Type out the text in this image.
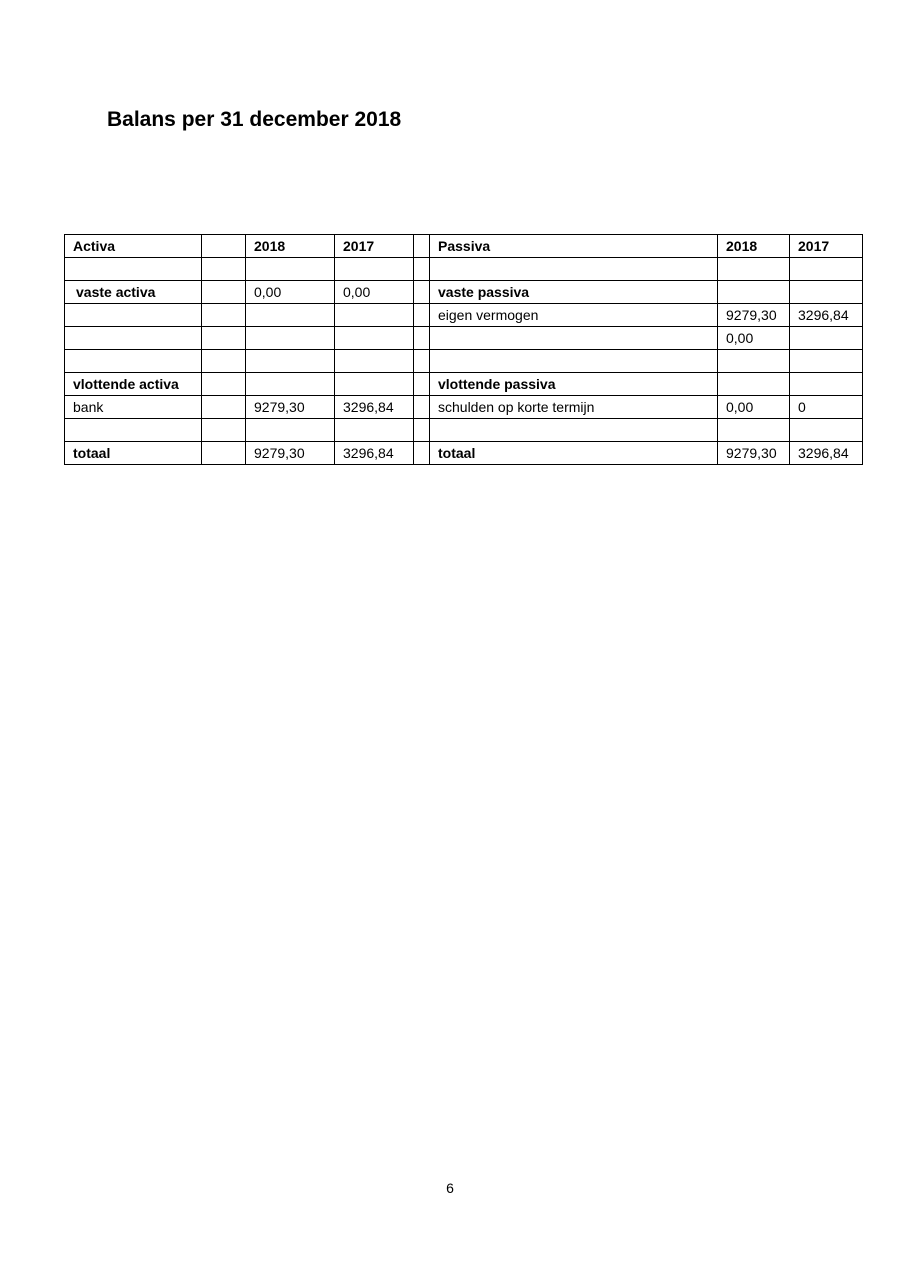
Balans per 31 december 2018
Activa		2018	2017		Passiva	2018	2017

vaste activa		0,00	0,00		vaste passiva		
					eigen vermogen	9279,30	3296,84
						0,00	

vlottende activa					vlottende passiva		
bank		9279,30	3296,84		schulden op korte termijn	0,00	0

totaal		9279,30	3296,84		totaal	9279,30	3296,84
6
